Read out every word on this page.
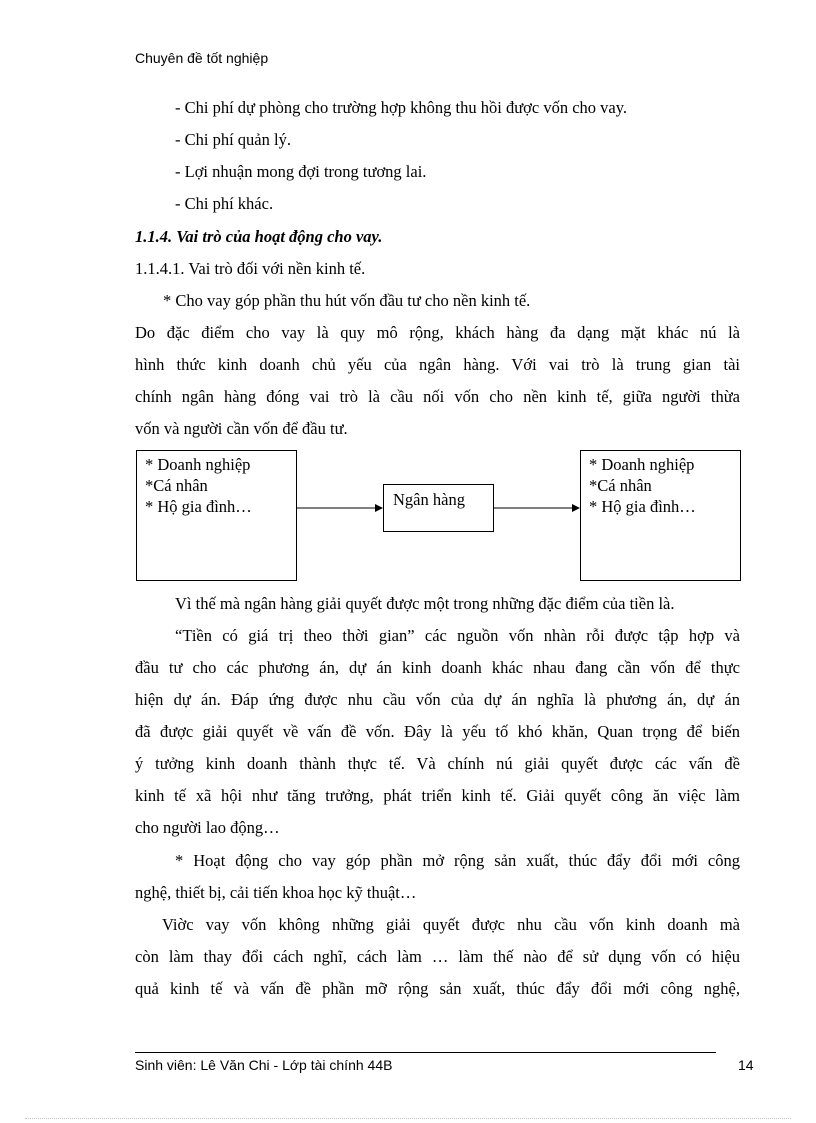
Chuyên đề tốt nghiệp
- Chi phí dự phòng cho trường hợp không thu hồi được vốn cho vay.
- Chi phí quản lý.
- Lợi nhuận mong đợi trong tương lai.
- Chi phí khác.
1.1.4. Vai trò của hoạt động cho vay.
1.1.4.1. Vai trò đối với nền kinh tế.
* Cho vay góp phần thu hút vốn đầu tư cho nền kinh tế.
Do đặc điểm cho vay là quy mô rộng, khách hàng đa dạng mặt khác nú là
hình thức kinh doanh chủ yếu của ngân hàng. Với vai trò là trung gian tài
chính ngân hàng đóng vai trò là cầu nối vốn cho nền kinh tế, giữa người thừa
vốn và người cần vốn để đầu tư.
* Doanh nghiệp
*Cá nhân
* Hộ gia đình…	Ngân hàng
* Doanh nghiệp
*Cá nhân
* Hộ gia đình…
Vì thế mà ngân hàng giải quyết được một trong những đặc điểm của tiền là.
“Tiền có giá trị theo thời gian” các nguồn vốn nhàn rỗi được tập hợp và
đầu tư cho các phương án, dự án kinh doanh khác nhau đang cần vốn để thực
hiện dự án. Đáp ứng được nhu cầu vốn của dự án nghĩa là phương án, dự án
đã được giải quyết về vấn đề vốn. Đây là yếu tố khó khăn, Quan trọng để biến
ý tưởng kinh doanh thành thực tế. Và chính nú giải quyết được các vấn đề
kinh tế xã hội như tăng trưởng, phát triển kinh tế. Giải quyết công ăn việc làm
cho người lao động…
* Hoạt động cho vay góp phần mở rộng sản xuất, thúc đẩy đổi mới công
nghệ, thiết bị, cải tiến khoa học kỹ thuật…
Viờc vay vốn không những giải quyết được nhu cầu vốn kinh doanh mà
còn làm thay đổi cách nghĩ, cách làm … làm thế nào để sử dụng vốn có hiệu
quả kinh tế và vấn đề phần mỡ rộng sản xuất, thúc đẩy đổi mới công nghệ,
Sinh viên: Lê Văn Chi - Lớp tài chính 44B	14
